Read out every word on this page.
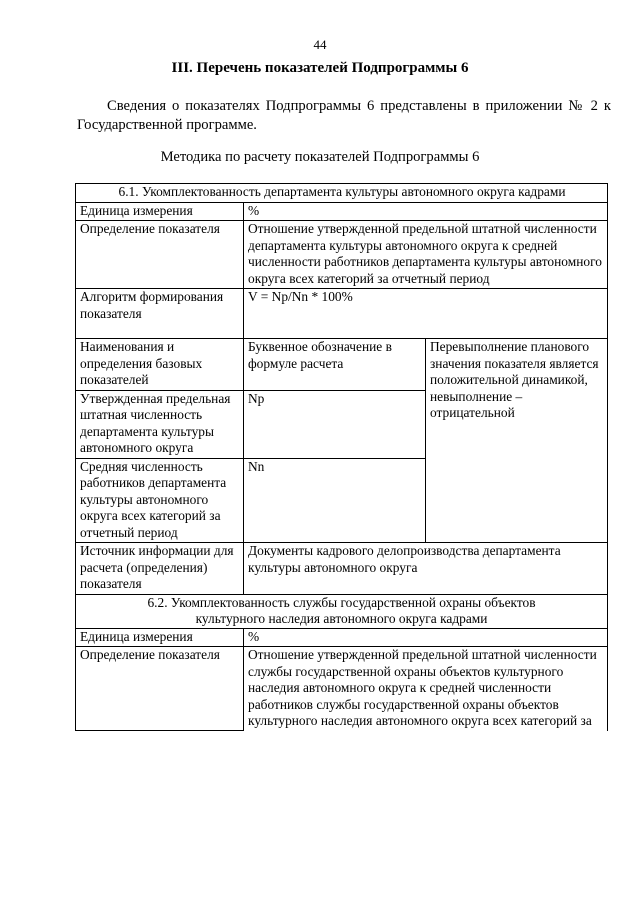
44
III. Перечень показателей Подпрограммы 6

Сведения о показателях Подпрограммы 6 представлены в приложении № 2 к Государственной программе.

Методика по расчету показателей Подпрограммы 6
6.1. Укомплектованность департамента культуры автономного округа кадрами		
Единица измерения	%	
Определение показателя	Отношение утвержденной предельной штатной численности департамента культуры автономного округа к средней численности работников департамента культуры автономного округа всех категорий за отчетный период	
Алгоритм формирования показателя	V = Np/Nn * 100%	
Наименования и определения базовых показателей	Буквенное обозначение в формуле расчета	Перевыполнение планового значения показателя является положительной динамикой, невыполнение – отрицательной
Утвержденная предельная штатная численность департамента культуры автономного округа	Np	
Средняя численность работников департамента культуры автономного округа всех категорий за отчетный период	Nn	
Источник информации для расчета (определения) показателя	Документы кадрового делопроизводства департамента культуры автономного округа	
6.2. Укомплектованность службы государственной охраны объектов культурного наследия автономного округа кадрами		
Единица измерения	%	
Определение показателя	Отношение утвержденной предельной штатной численности службы государственной охраны объектов культурного наследия автономного округа к средней численности работников службы государственной охраны объектов культурного наследия автономного округа всех категорий за	
